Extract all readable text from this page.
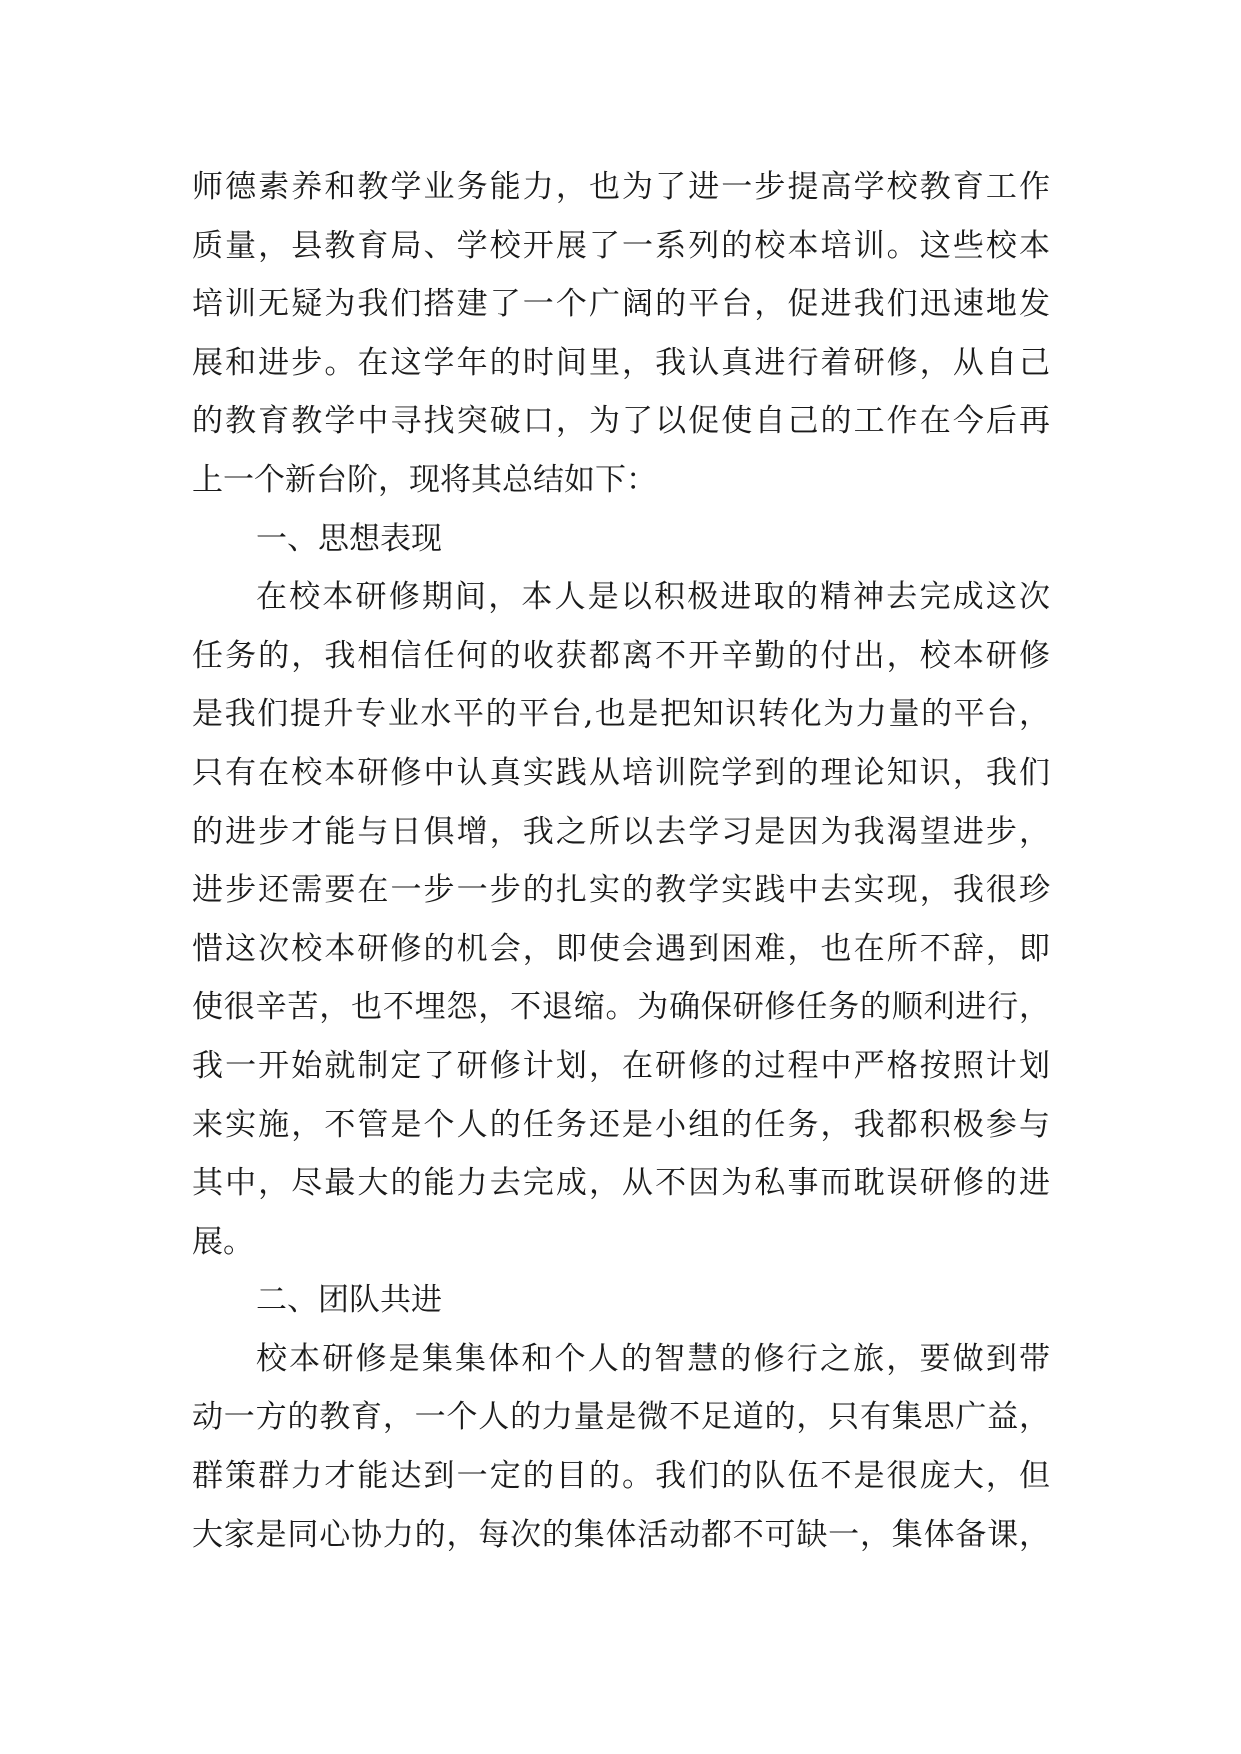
师德素养和教学业务能力，也为了进一步提高学校教育工作
质量，县教育局、学校开展了一系列的校本培训。这些校本
培训无疑为我们搭建了一个广阔的平台，促进我们迅速地发
展和进步。在这学年的时间里，我认真进行着研修，从自己
的教育教学中寻找突破口，为了以促使自己的工作在今后再
上一个新台阶，现将其总结如下：
一、思想表现
在校本研修期间，本人是以积极进取的精神去完成这次
任务的，我相信任何的收获都离不开辛勤的付出，校本研修
是我们提升专业水平的平台,也是把知识转化为力量的平台，
只有在校本研修中认真实践从培训院学到的理论知识，我们
的进步才能与日俱增，我之所以去学习是因为我渴望进步，
进步还需要在一步一步的扎实的教学实践中去实现，我很珍
惜这次校本研修的机会，即使会遇到困难，也在所不辞，即
使很辛苦，也不埋怨，不退缩。为确保研修任务的顺利进行，
我一开始就制定了研修计划，在研修的过程中严格按照计划
来实施，不管是个人的任务还是小组的任务，我都积极参与
其中，尽最大的能力去完成，从不因为私事而耽误研修的进
展。
二、团队共进
校本研修是集集体和个人的智慧的修行之旅，要做到带
动一方的教育，一个人的力量是微不足道的，只有集思广益，
群策群力才能达到一定的目的。我们的队伍不是很庞大，但
大家是同心协力的，每次的集体活动都不可缺一，集体备课，
